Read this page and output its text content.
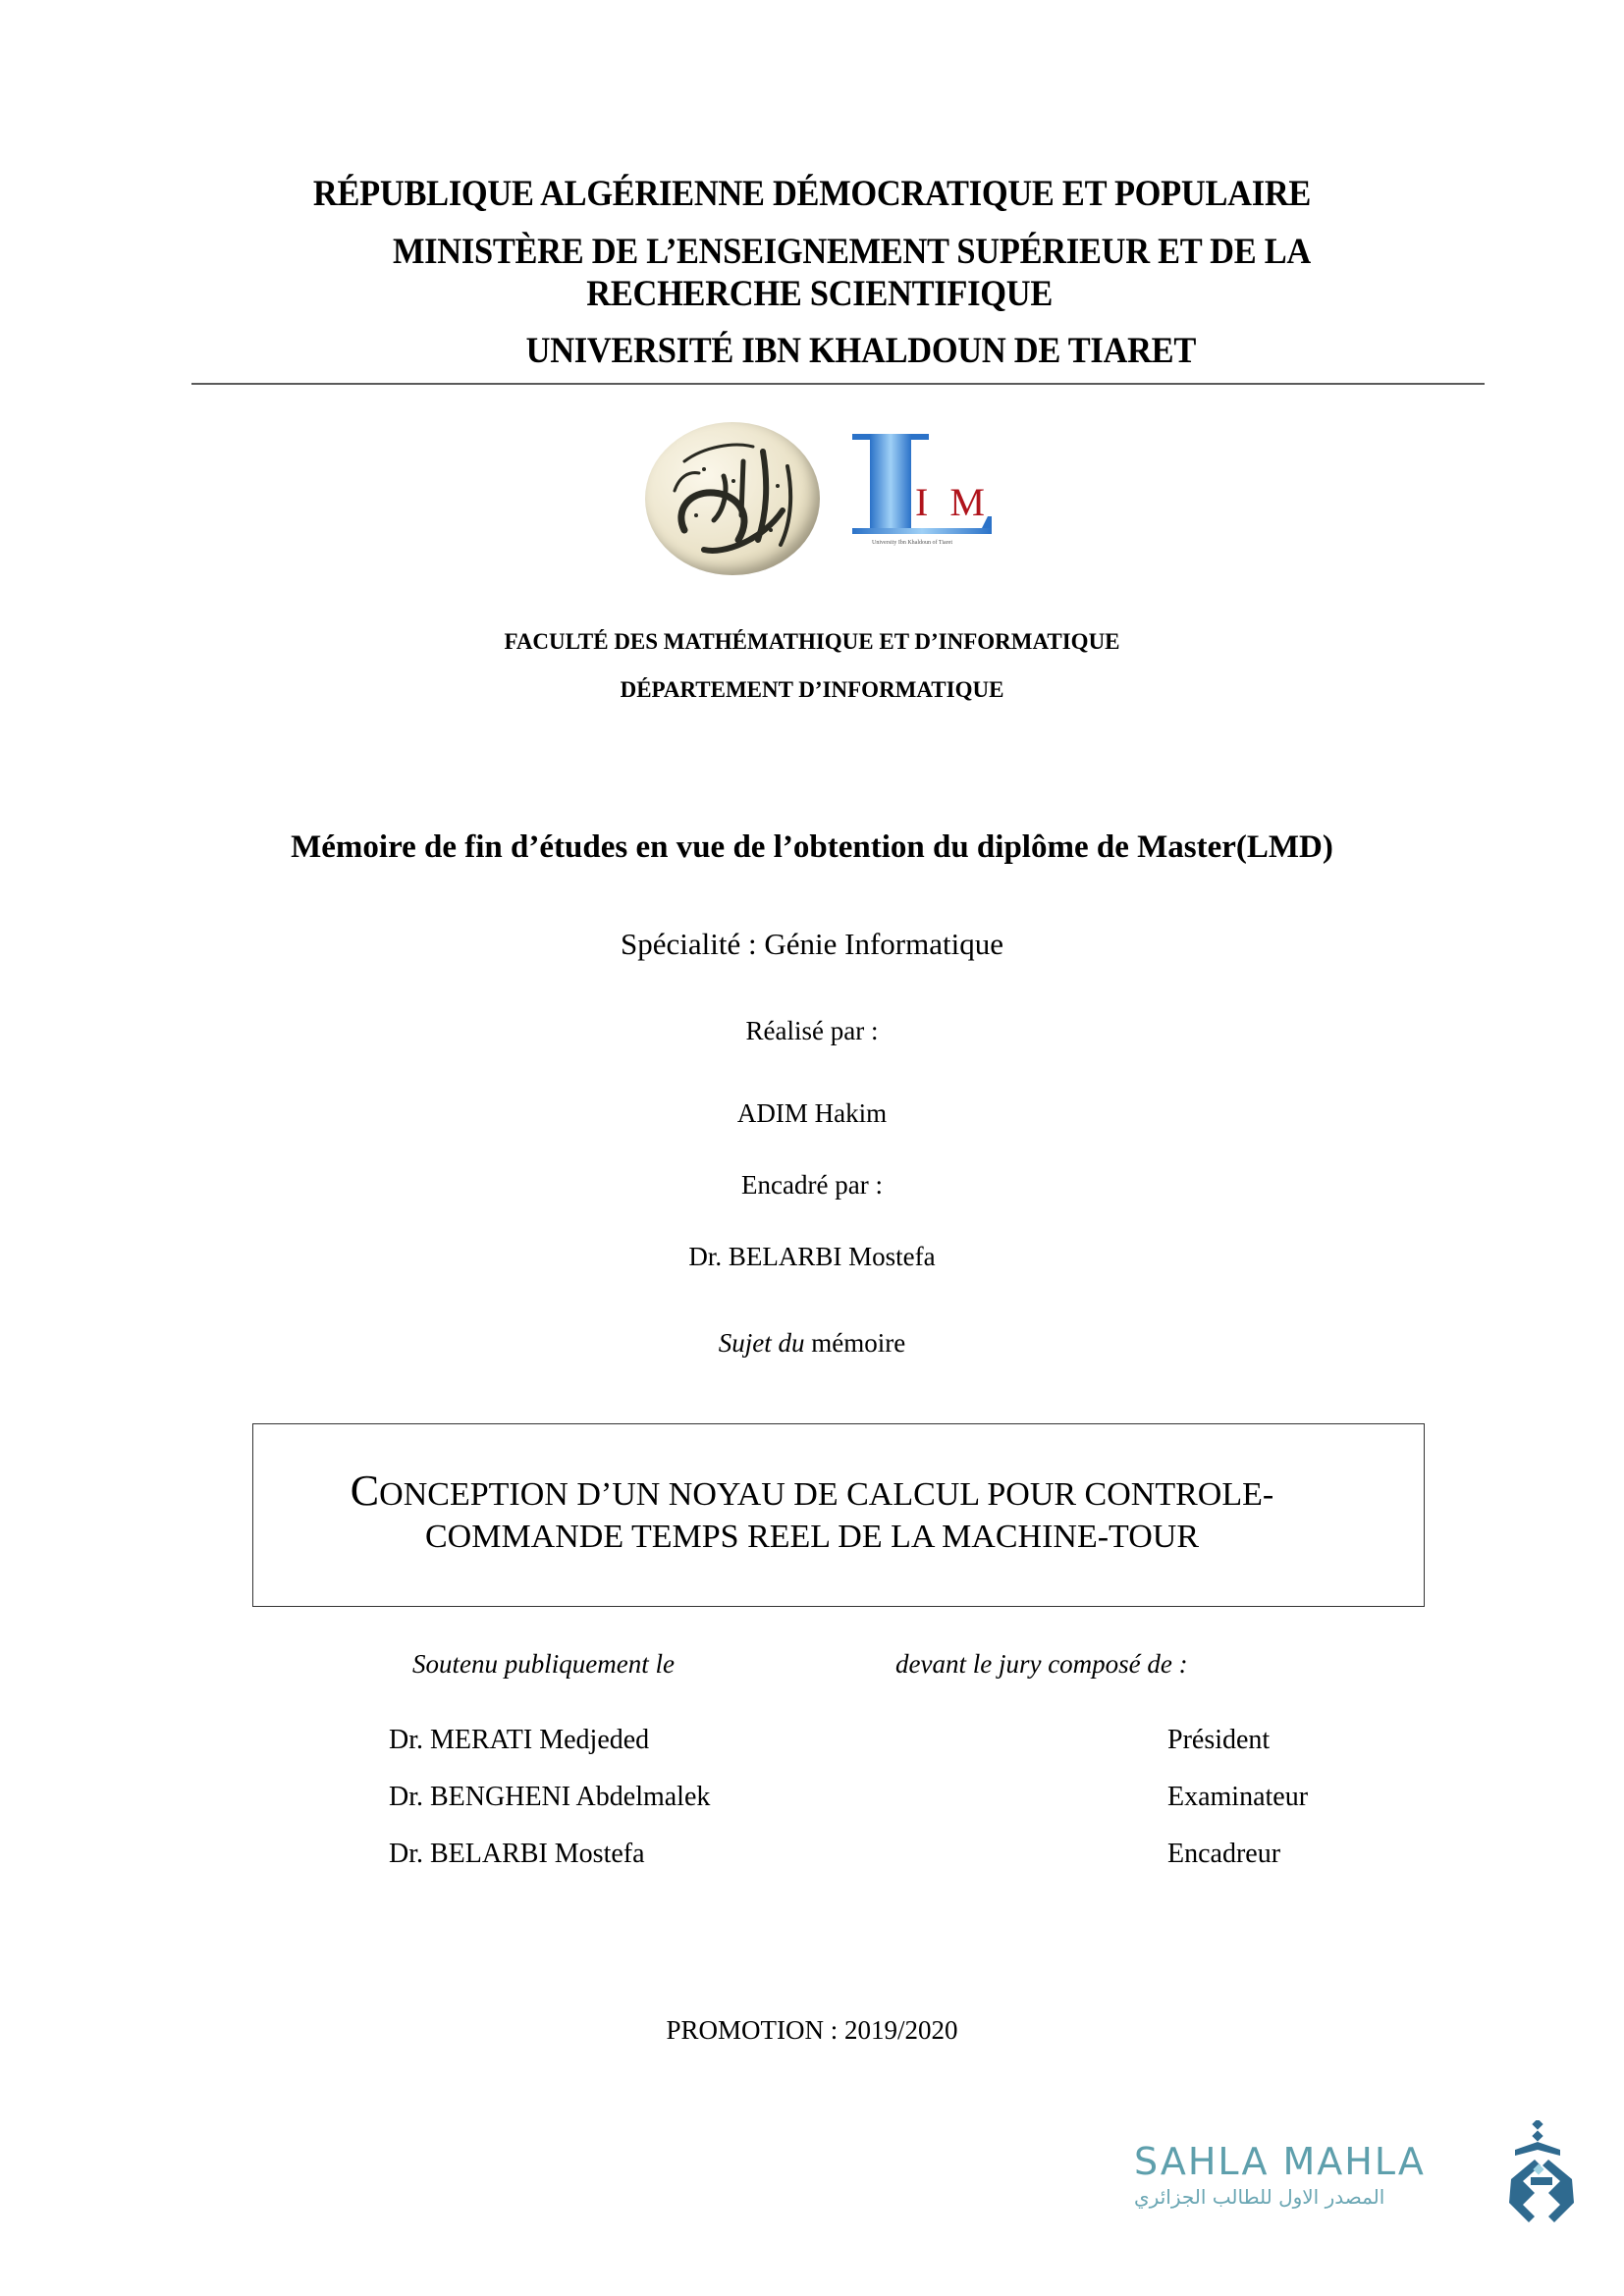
RÉPUBLIQUE ALGÉRIENNE DÉMOCRATIQUE ET POPULAIRE
MINISTÈRE DE L’ENSEIGNEMENT SUPÉRIEUR ET DE LA
RECHERCHE SCIENTIFIQUE
UNIVERSITÉ IBN KHALDOUN DE TIARET
I M
University Ibn Khaldoun of Tiaret
FACULTÉ DES MATHÉMATHIQUE ET D’INFORMATIQUE
DÉPARTEMENT D’INFORMATIQUE
Mémoire de fin d’études en vue de l’obtention du diplôme de Master(LMD)
Spécialité : Génie Informatique
Réalisé par :
ADIM Hakim
Encadré par :
Dr. BELARBI Mostefa
Sujet du mémoire
CONCEPTION D’UN NOYAU DE CALCUL POUR CONTROLE-
COMMANDE TEMPS REEL DE LA MACHINE-TOUR
Soutenu publiquement le	devant le jury composé de :
Dr. MERATI Medjeded	Président
Dr. BENGHENI Abdelmalek	Examinateur
Dr. BELARBI Mostefa	Encadreur
PROMOTION : 2019/2020
SAHLA MAHLA
المصدر الاول للطالب الجزائري
